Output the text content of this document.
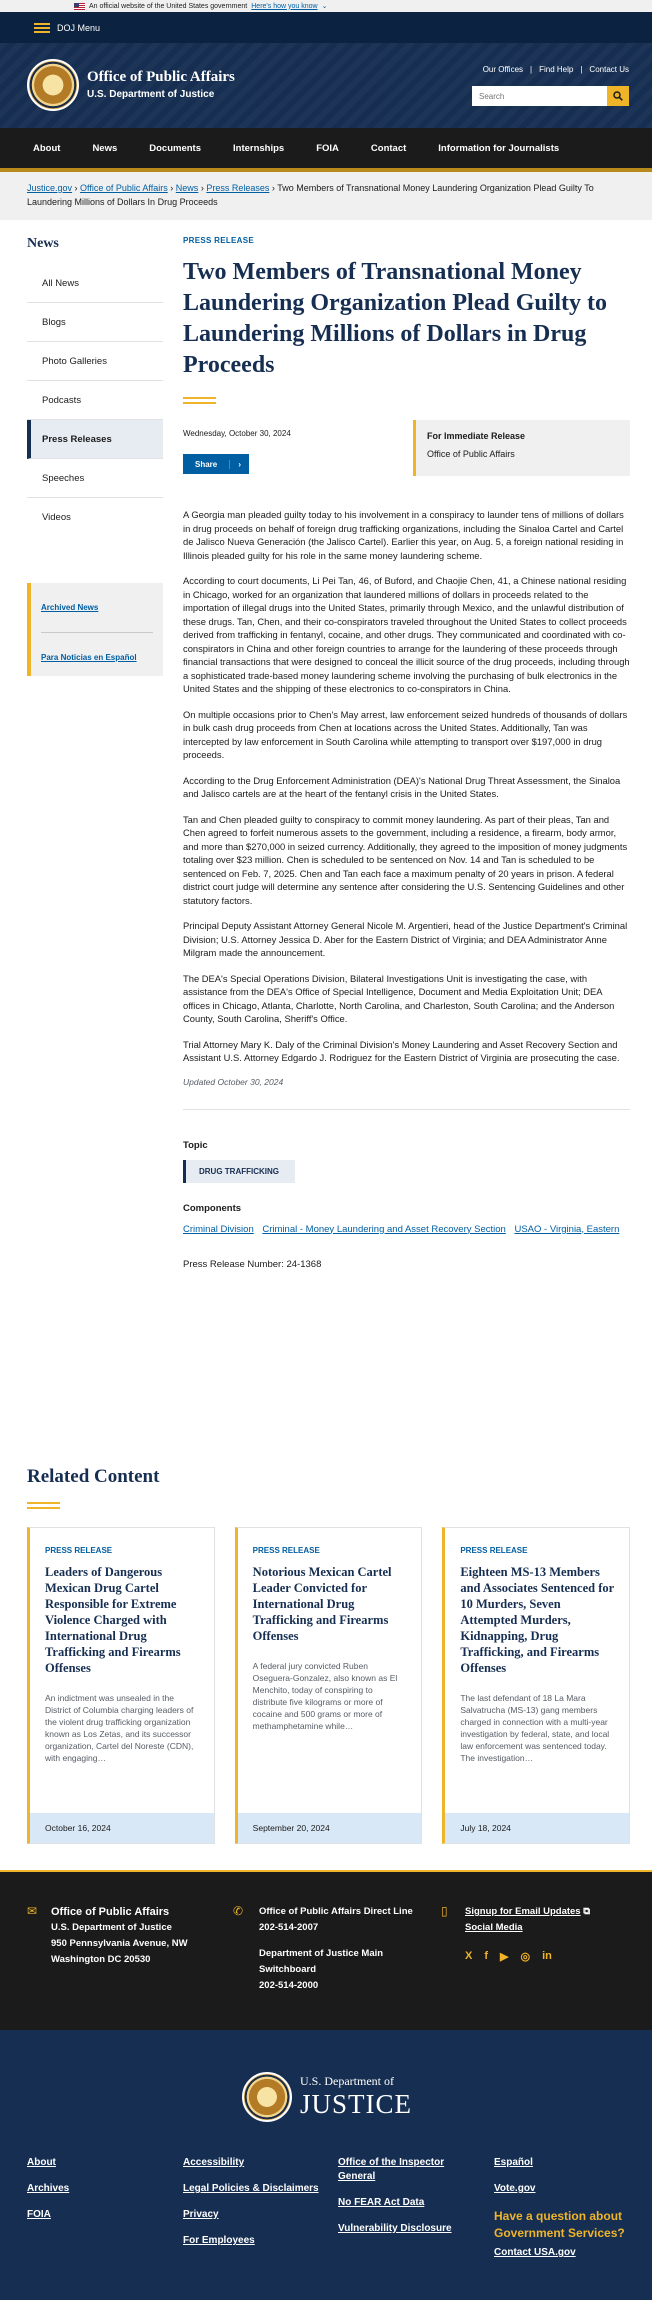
An official website of the United States government Here's how you know ⌄
DOJ Menu
Office of Public Affairs
U.S. Department of Justice
Our Offices | Find Help | Contact Us
Search
About	News	Documents	Internships	FOIA	Contact	Information for Journalists
Justice.gov › Office of Public Affairs › News › Press Releases › Two Members of Transnational Money Laundering Organization Plead Guilty To Laundering Millions of Dollars In Drug Proceeds
News
All News
Blogs
Photo Galleries
Podcasts
Press Releases
Speeches
Videos
Archived News
Para Noticias en Español
PRESS RELEASE
Two Members of Transnational Money Laundering Organization Plead Guilty to Laundering Millions of Dollars in Drug Proceeds
Wednesday, October 30, 2024
Share	›
For Immediate Release
Office of Public Affairs

A Georgia man pleaded guilty today to his involvement in a conspiracy to launder tens of millions of dollars in drug proceeds on behalf of foreign drug trafficking organizations, including the Sinaloa Cartel and Cartel de Jalisco Nueva Generación (the Jalisco Cartel). Earlier this year, on Aug. 5, a foreign national residing in Illinois pleaded guilty for his role in the same money laundering scheme.

According to court documents, Li Pei Tan, 46, of Buford, and Chaojie Chen, 41, a Chinese national residing in Chicago, worked for an organization that laundered millions of dollars in proceeds related to the importation of illegal drugs into the United States, primarily through Mexico, and the unlawful distribution of these drugs. Tan, Chen, and their co-conspirators traveled throughout the United States to collect proceeds derived from trafficking in fentanyl, cocaine, and other drugs. They communicated and coordinated with co-conspirators in China and other foreign countries to arrange for the laundering of these proceeds through financial transactions that were designed to conceal the illicit source of the drug proceeds, including through a sophisticated trade-based money laundering scheme involving the purchasing of bulk electronics in the United States and the shipping of these electronics to co-conspirators in China.

On multiple occasions prior to Chen's May arrest, law enforcement seized hundreds of thousands of dollars in bulk cash drug proceeds from Chen at locations across the United States. Additionally, Tan was intercepted by law enforcement in South Carolina while attempting to transport over $197,000 in drug proceeds.

According to the Drug Enforcement Administration (DEA)'s National Drug Threat Assessment, the Sinaloa and Jalisco cartels are at the heart of the fentanyl crisis in the United States.

Tan and Chen pleaded guilty to conspiracy to commit money laundering. As part of their pleas, Tan and Chen agreed to forfeit numerous assets to the government, including a residence, a firearm, body armor, and more than $270,000 in seized currency. Additionally, they agreed to the imposition of money judgments totaling over $23 million. Chen is scheduled to be sentenced on Nov. 14 and Tan is scheduled to be sentenced on Feb. 7, 2025. Chen and Tan each face a maximum penalty of 20 years in prison. A federal district court judge will determine any sentence after considering the U.S. Sentencing Guidelines and other statutory factors.

Principal Deputy Assistant Attorney General Nicole M. Argentieri, head of the Justice Department's Criminal Division; U.S. Attorney Jessica D. Aber for the Eastern District of Virginia; and DEA Administrator Anne Milgram made the announcement.

The DEA's Special Operations Division, Bilateral Investigations Unit is investigating the case, with assistance from the DEA's Office of Special Intelligence, Document and Media Exploitation Unit; DEA offices in Chicago, Atlanta, Charlotte, North Carolina, and Charleston, South Carolina; and the Anderson County, South Carolina, Sheriff's Office.

Trial Attorney Mary K. Daly of the Criminal Division's Money Laundering and Asset Recovery Section and Assistant U.S. Attorney Edgardo J. Rodriguez for the Eastern District of Virginia are prosecuting the case.

Updated October 30, 2024
Topic
DRUG TRAFFICKING
Components
Criminal Division Criminal - Money Laundering and Asset Recovery Section USAO - Virginia, Eastern
Press Release Number: 24-1368
Related Content
PRESS RELEASE
Leaders of Dangerous Mexican Drug Cartel Responsible for Extreme Violence Charged with International Drug Trafficking and Firearms Offenses
An indictment was unsealed in the District of Columbia charging leaders of the violent drug trafficking organization known as Los Zetas, and its successor organization, Cartel del Noreste (CDN), with engaging…
October 16, 2024
PRESS RELEASE
Notorious Mexican Cartel Leader Convicted for International Drug Trafficking and Firearms Offenses
A federal jury convicted Ruben Oseguera-Gonzalez, also known as El Menchito, today of conspiring to distribute five kilograms or more of cocaine and 500 grams or more of methamphetamine while…
September 20, 2024
PRESS RELEASE
Eighteen MS-13 Members and Associates Sentenced for 10 Murders, Seven Attempted Murders, Kidnapping, Drug Trafficking, and Firearms Offenses
The last defendant of 18 La Mara Salvatrucha (MS-13) gang members charged in connection with a multi-year investigation by federal, state, and local law enforcement was sentenced today. The investigation…
July 18, 2024
✉ Office of Public Affairs
U.S. Department of Justice
950 Pennsylvania Avenue, NW
Washington DC 20530
✆ Office of Public Affairs Direct Line
202-514-2007
Department of Justice Main Switchboard
202-514-2000
▯ Signup for Email Updates ⧉
Social Media
X f ▶ ◎ in
U.S. Department of
JUSTICE
About
Archives
FOIA
Accessibility
Legal Policies & Disclaimers
Privacy
For Employees
Office of the Inspector General
No FEAR Act Data
Vulnerability Disclosure
Español
Vote.gov
Have a question about Government Services?
Contact USA.gov
